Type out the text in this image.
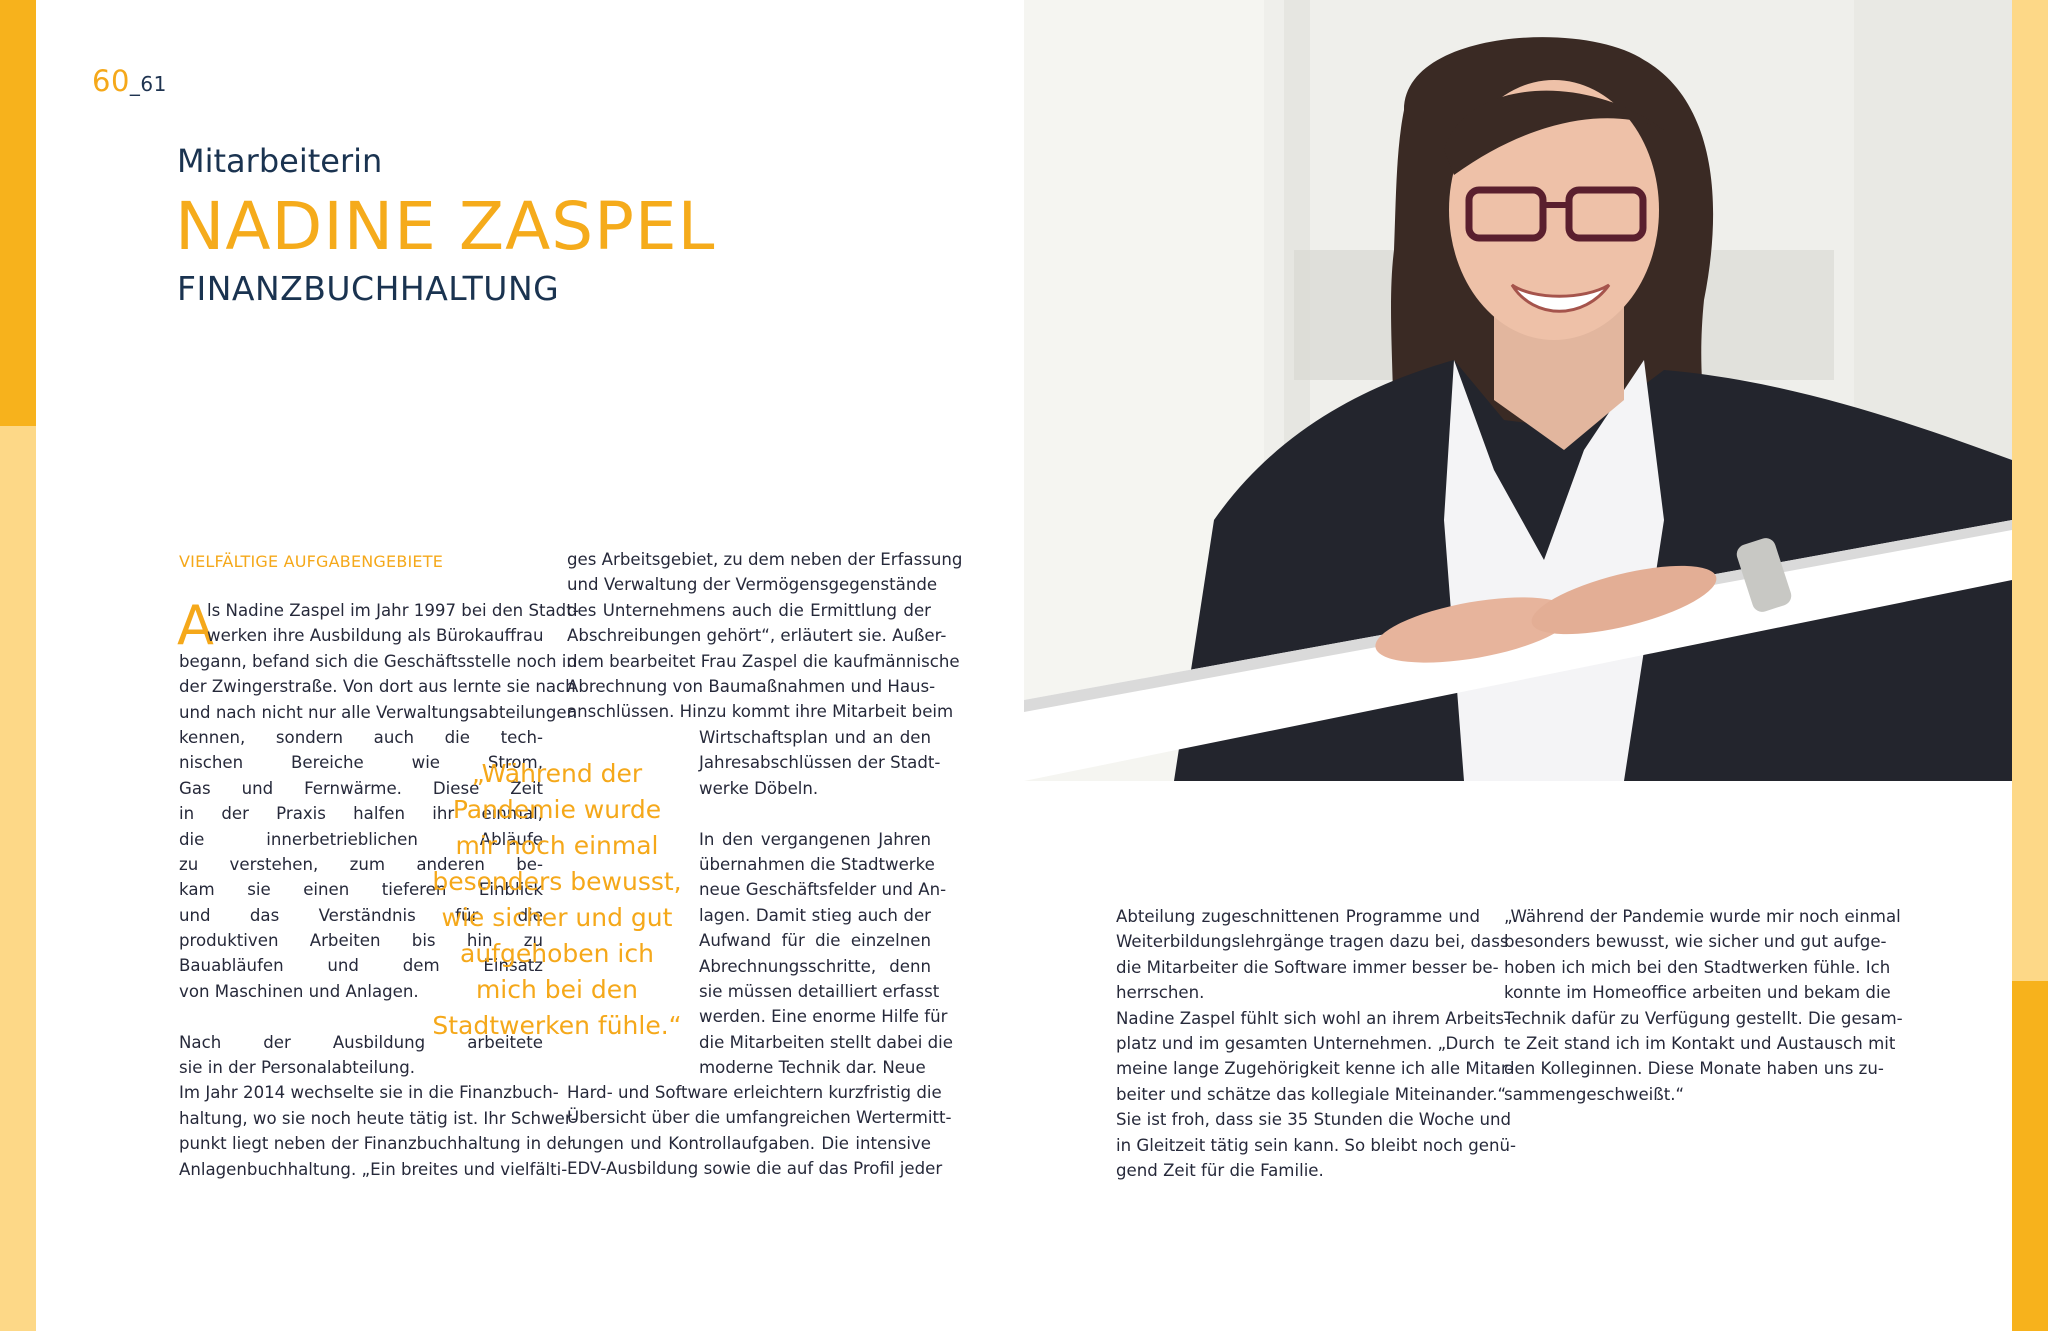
60_61
Mitarbeiterin
NADINE ZASPEL
FINANZBUCHHALTUNG
VIELFÄLTIGE AUFGABENGEBIETE
A
ls Nadine Zaspel im Jahr 1997 bei den Stadt-
werken ihre Ausbildung als Bürokauffrau
begann, befand sich die Geschäftsstelle noch in
der Zwingerstraße. Von dort aus lernte sie nach
und nach nicht nur alle Verwaltungsabteilungen
kennen, sondern auch die tech-
nischen Bereiche wie Strom,
Gas und Fernwärme. Diese Zeit
in der Praxis halfen ihr einmal,
die innerbetrieblichen Abläufe
zu verstehen, zum anderen be-
kam sie einen tieferen Einblick
und das Verständnis für die
produktiven Arbeiten bis hin zu
Bauabläufen und dem Einsatz
von Maschinen und Anlagen.
Nach der Ausbildung arbeitete
sie in der Personalabteilung.
Im Jahr 2014 wechselte sie in die Finanzbuch-
haltung, wo sie noch heute tätig ist. Ihr Schwer-
punkt liegt neben der Finanzbuchhaltung in der
Anlagenbuchhaltung. „Ein breites und vielfälti-
ges Arbeitsgebiet, zu dem neben der Erfassung
und Verwaltung der Vermögensgegenstände
des Unternehmens auch die Ermittlung der
Abschreibungen gehört“, erläutert sie. Außer-
dem bearbeitet Frau Zaspel die kaufmännische
Abrechnung von Baumaßnahmen und Haus-
anschlüssen. Hinzu kommt ihre Mitarbeit beim
Wirtschaftsplan und an den
Jahresabschlüssen der Stadt-
werke Döbeln.
In den vergangenen Jahren
übernahmen die Stadtwerke
neue Geschäftsfelder und An-
lagen. Damit stieg auch der
Aufwand für die einzelnen
Abrechnungsschritte, denn
sie müssen detailliert erfasst
werden. Eine enorme Hilfe für
die Mitarbeiten stellt dabei die
moderne Technik dar. Neue
Hard- und Software erleichtern kurzfristig die
Übersicht über die umfangreichen Wertermitt-
lungen und Kontrollaufgaben. Die intensive
EDV-Ausbildung sowie die auf das Profil jeder
„Während der
Pandemie wurde
mir noch einmal
besonders bewusst,
wie sicher und gut
aufgehoben ich
mich bei den
Stadtwerken fühle.“
Abteilung zugeschnittenen Programme und
Weiterbildungslehrgänge tragen dazu bei, dass
die Mitarbeiter die Software immer besser be-
herrschen.
Nadine Zaspel fühlt sich wohl an ihrem Arbeits-
platz und im gesamten Unternehmen. „Durch
meine lange Zugehörigkeit kenne ich alle Mitar-
beiter und schätze das kollegiale Miteinander.“
Sie ist froh, dass sie 35 Stunden die Woche und
in Gleitzeit tätig sein kann. So bleibt noch genü-
gend Zeit für die Familie.
„Während der Pandemie wurde mir noch einmal
besonders bewusst, wie sicher und gut aufge-
hoben ich mich bei den Stadtwerken fühle. Ich
konnte im Homeoffice arbeiten und bekam die
Technik dafür zu Verfügung gestellt. Die gesam-
te Zeit stand ich im Kontakt und Austausch mit
den Kolleginnen. Diese Monate haben uns zu-
sammengeschweißt.“
